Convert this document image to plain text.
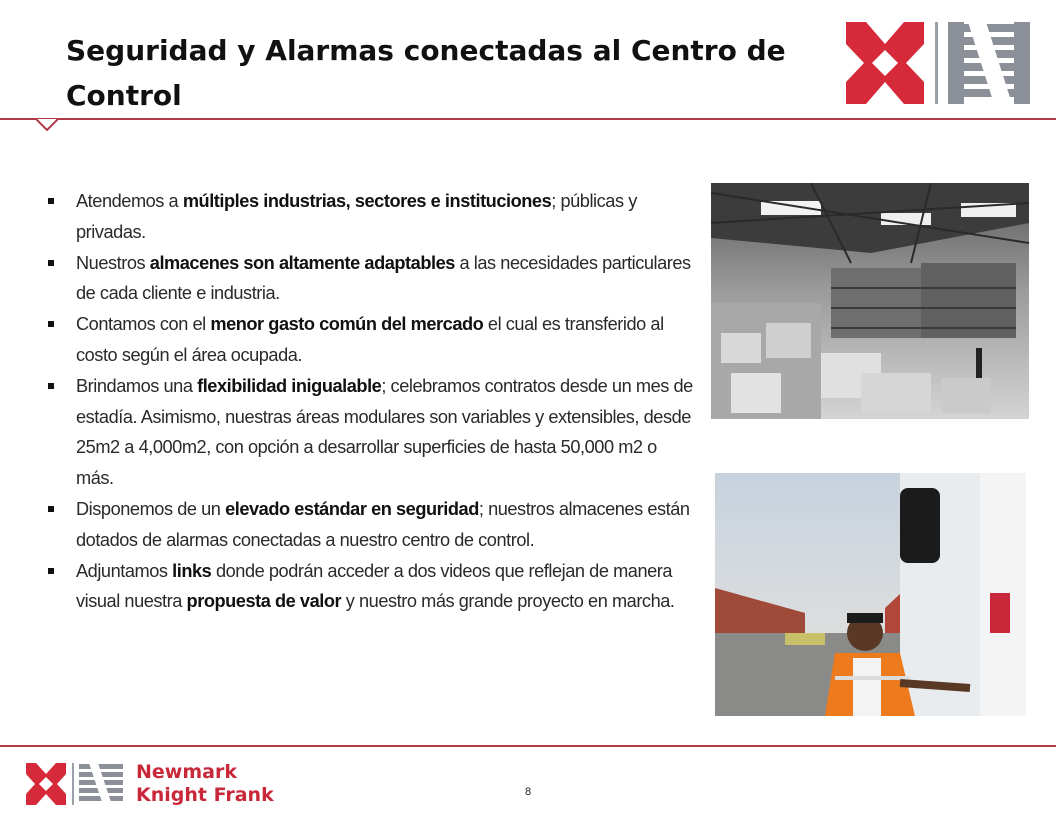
Seguridad y Alarmas conectadas al Centro de Control
Atendemos a múltiples industrias, sectores e instituciones; públicas y privadas.
Nuestros almacenes son altamente adaptables a las necesidades particulares de cada cliente e industria.
Contamos con el menor gasto común del mercado el cual es transferido al costo según el área ocupada.
Brindamos una flexibilidad inigualable; celebramos contratos desde un mes de estadía. Asimismo, nuestras áreas modulares son variables y extensibles, desde 25m2 a 4,000m2, con opción a desarrollar superficies de hasta 50,000 m2 o más.
Disponemos de un elevado estándar en seguridad; nuestros almacenes están dotados de alarmas conectadas a nuestro centro de control.
Adjuntamos links donde podrán acceder a dos videos que reflejan de manera visual nuestra propuesta de valor y nuestro más grande proyecto en marcha.
Newmark
Knight Frank	8
